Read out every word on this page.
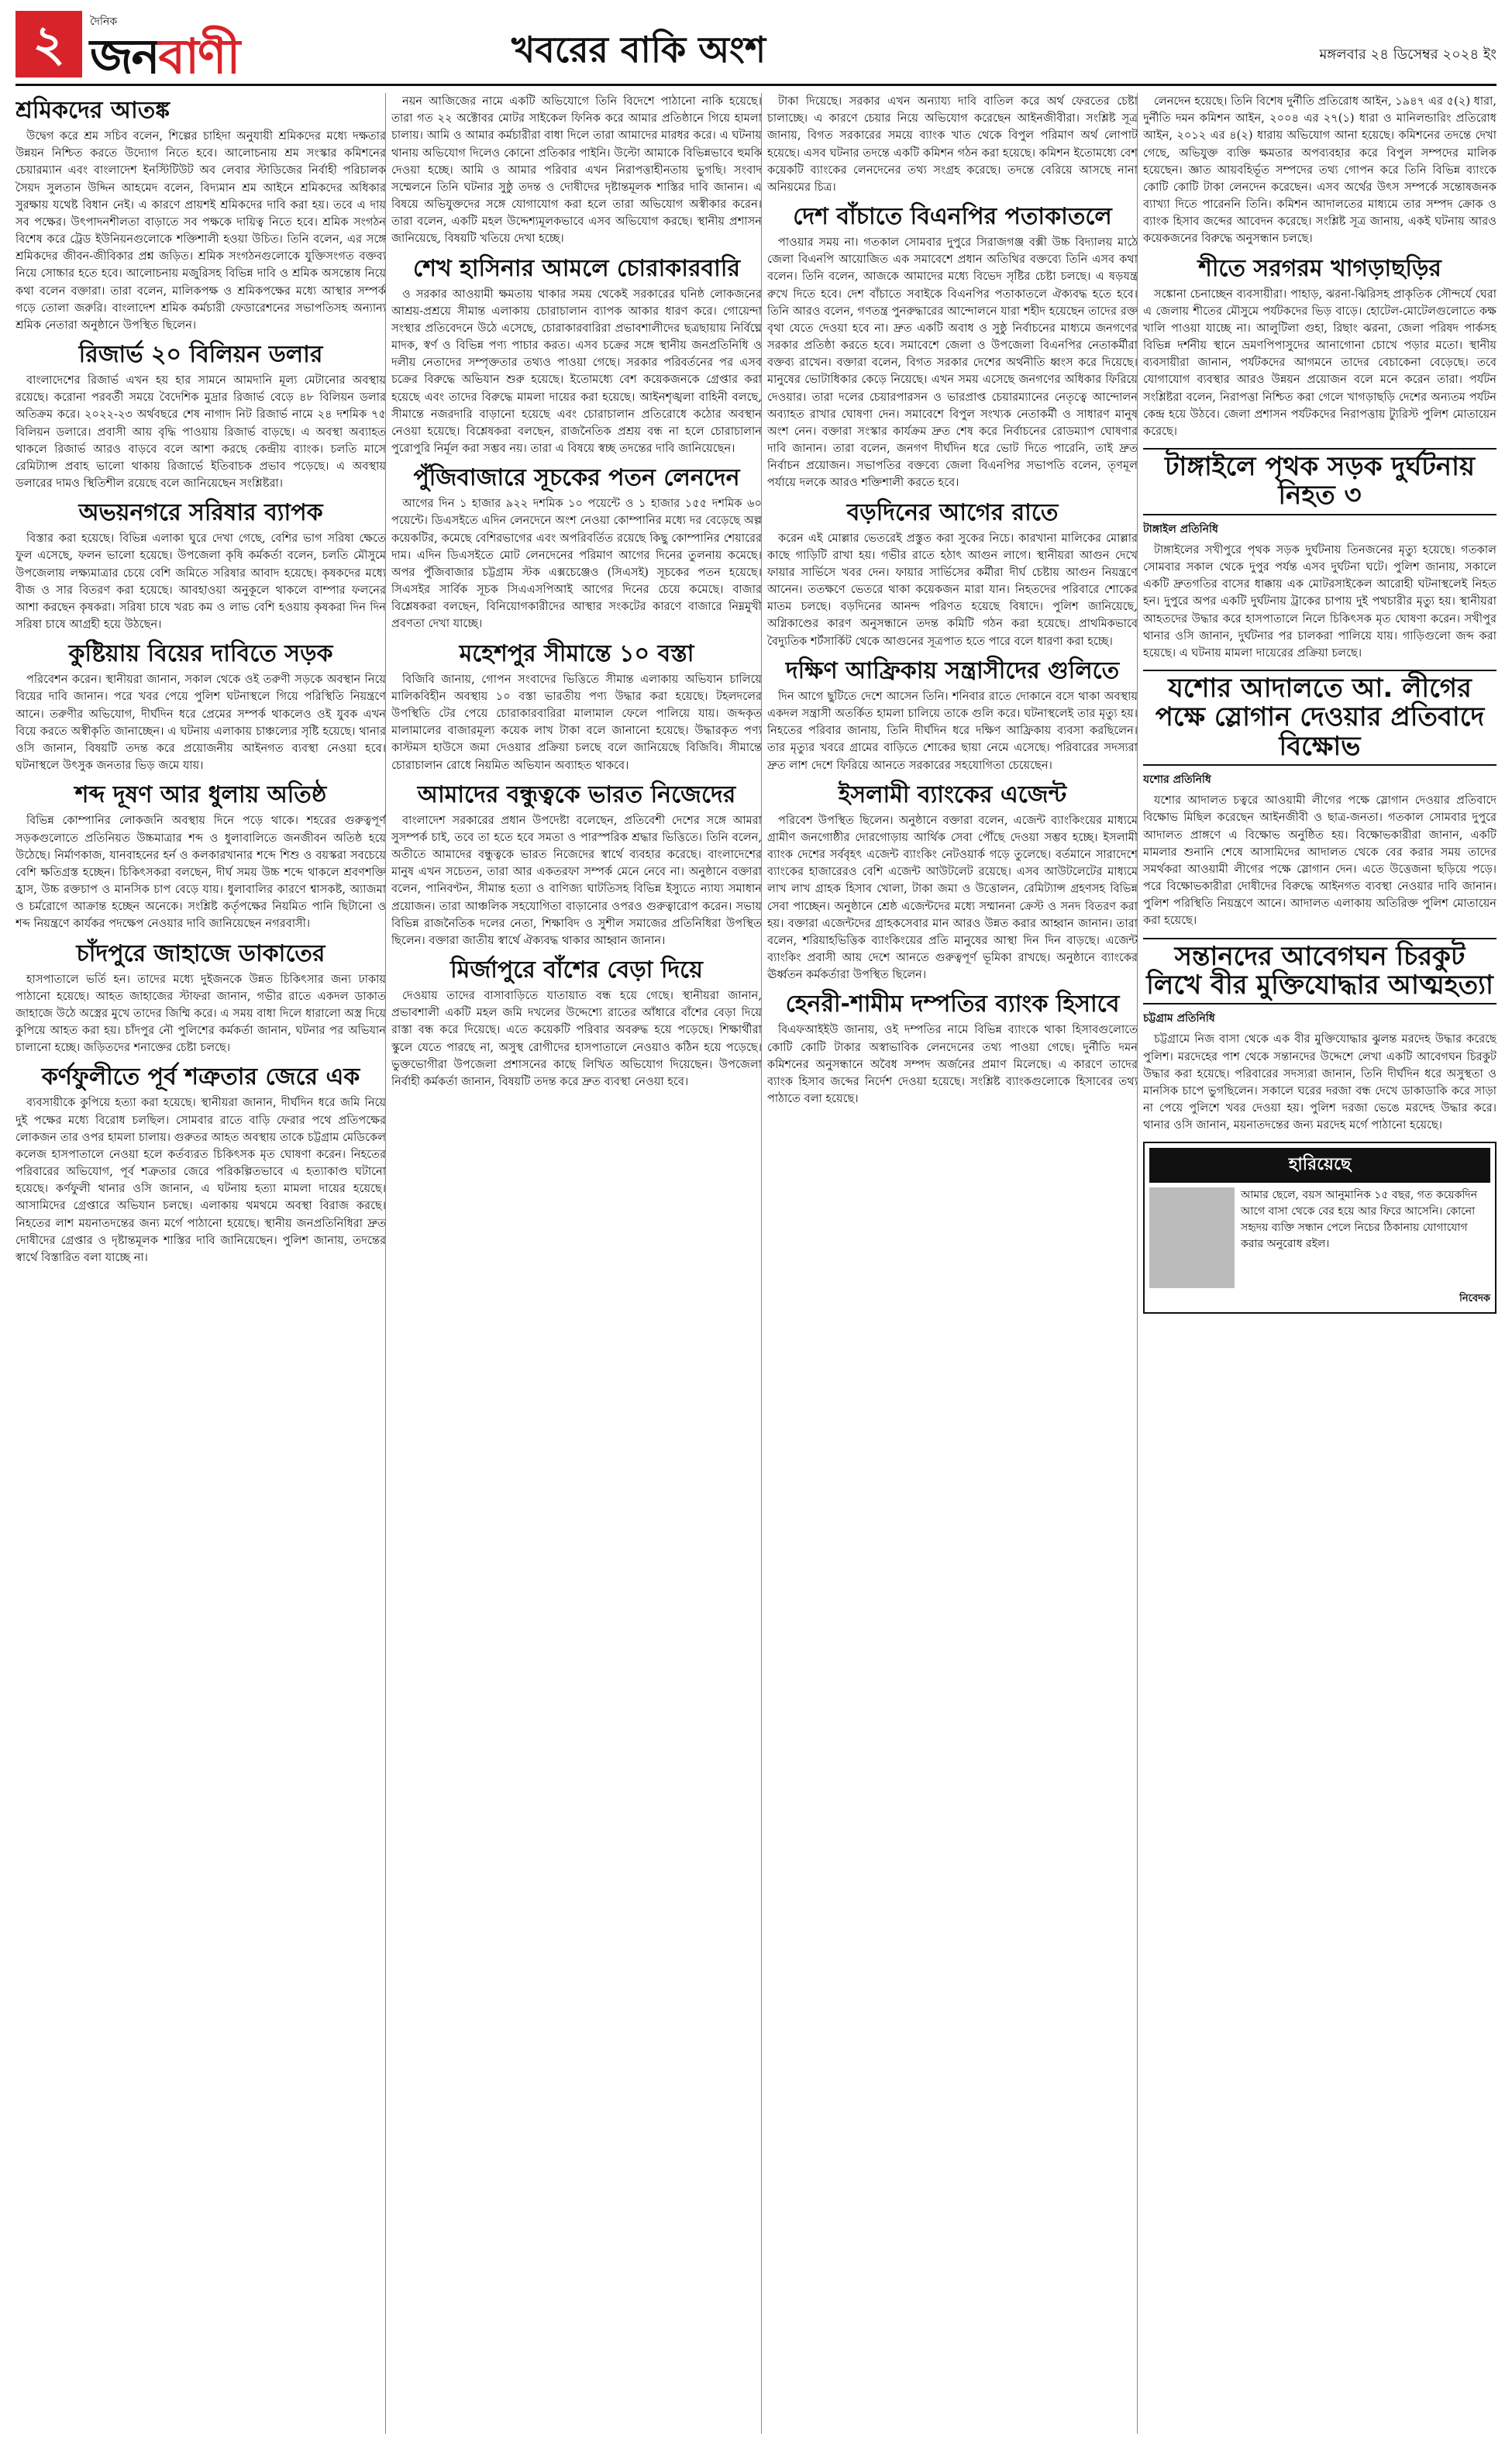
২	দৈনিক
জনবাণী	খবরের বাকি অংশ	মঙ্গলবার ২৪ ডিসেম্বর ২০২৪ ইং
শ্রমিকদের আতঙ্ক

উদ্বেগ করে শ্রম সচিব বলেন, শিল্পের চাহিদা অনুযায়ী শ্রমিকদের মধ্যে দক্ষতার উন্নয়ন নিশ্চিত করতে উদ্যোগ নিতে হবে। আলোচনায় শ্রম সংস্কার কমিশনের চেয়ারম্যান এবং বাংলাদেশ ইনস্টিটিউট অব লেবার স্টাডিজের নির্বাহী পরিচালক সৈয়দ সুলতান উদ্দিন আহমেদ বলেন, বিদ্যমান শ্রম আইনে শ্রমিকদের অধিকার সুরক্ষায় যথেষ্ট বিধান নেই। এ কারণে প্রায়শই শ্রমিকদের দাবি করা হয়। তবে এ দায় সব পক্ষের। উৎপাদনশীলতা বাড়াতে সব পক্ষকে দায়িত্ব নিতে হবে। শ্রমিক সংগঠন বিশেষ করে ট্রেড ইউনিয়নগুলোকে শক্তিশালী হওয়া উচিত। তিনি বলেন, এর সঙ্গে শ্রমিকদের জীবন-জীবিকার প্রশ্ন জড়িত। শ্রমিক সংগঠনগুলোকে যুক্তিসংগত বক্তব্য নিয়ে সোচ্চার হতে হবে। আলোচনায় মজুরিসহ বিভিন্ন দাবি ও শ্রমিক অসন্তোষ নিয়ে কথা বলেন বক্তারা। তারা বলেন, মালিকপক্ষ ও শ্রমিকপক্ষের মধ্যে আস্থার সম্পর্ক গড়ে তোলা জরুরি। বাংলাদেশ শ্রমিক কর্মচারী ফেডারেশনের সভাপতিসহ অন্যান্য শ্রমিক নেতারা অনুষ্ঠানে উপস্থিত ছিলেন।

রিজার্ভ ২০ বিলিয়ন ডলার

বাংলাদেশের রিজার্ভ এখন হয় হার সামনে আমদানি মূল্য মেটানোর অবস্থায় রয়েছে। করোনা পরবর্তী সময়ে বৈদেশিক মুদ্রার রিজার্ভ বেড়ে ৪৮ বিলিয়ন ডলার অতিক্রম করে। ২০২২-২৩ অর্থবছরে শেষ নাগাদ নিট রিজার্ভ নামে ২৪ দশমিক ৭৫ বিলিয়ন ডলারে। প্রবাসী আয় বৃদ্ধি পাওয়ায় রিজার্ভ বাড়ছে। এ অবস্থা অব্যাহত থাকলে রিজার্ভ আরও বাড়বে বলে আশা করছে কেন্দ্রীয় ব্যাংক। চলতি মাসে রেমিট্যান্স প্রবাহ ভালো থাকায় রিজার্ভে ইতিবাচক প্রভাব পড়েছে। এ অবস্থায় ডলারের দামও স্থিতিশীল রয়েছে বলে জানিয়েছেন সংশ্লিষ্টরা।

অভয়নগরে সরিষার ব্যাপক

বিস্তার করা হয়েছে। বিভিন্ন এলাকা ঘুরে দেখা গেছে, বেশির ভাগ সরিষা ক্ষেতে ফুল এসেছে, ফলন ভালো হয়েছে। উপজেলা কৃষি কর্মকর্তা বলেন, চলতি মৌসুমে উপজেলায় লক্ষ্যমাত্রার চেয়ে বেশি জমিতে সরিষার আবাদ হয়েছে। কৃষকদের মধ্যে বীজ ও সার বিতরণ করা হয়েছে। আবহাওয়া অনুকূলে থাকলে বাম্পার ফলনের আশা করছেন কৃষকরা। সরিষা চাষে খরচ কম ও লাভ বেশি হওয়ায় কৃষকরা দিন দিন সরিষা চাষে আগ্রহী হয়ে উঠছেন।

কুষ্টিয়ায় বিয়ের দাবিতে সড়ক

পরিবেশন করেন। স্থানীয়রা জানান, সকাল থেকে ওই তরুণী সড়কে অবস্থান নিয়ে বিয়ের দাবি জানান। পরে খবর পেয়ে পুলিশ ঘটনাস্থলে গিয়ে পরিস্থিতি নিয়ন্ত্রণে আনে। তরুণীর অভিযোগ, দীর্ঘদিন ধরে প্রেমের সম্পর্ক থাকলেও ওই যুবক এখন বিয়ে করতে অস্বীকৃতি জানাচ্ছেন। এ ঘটনায় এলাকায় চাঞ্চল্যের সৃষ্টি হয়েছে। থানার ওসি জানান, বিষয়টি তদন্ত করে প্রয়োজনীয় আইনগত ব্যবস্থা নেওয়া হবে। ঘটনাস্থলে উৎসুক জনতার ভিড় জমে যায়।

শব্দ দূষণ আর ধুলায় অতিষ্ঠ

বিভিন্ন কোম্পানির লোকজনি অবস্থায় দিনে পড়ে থাকে। শহরের গুরুত্বপূর্ণ সড়কগুলোতে প্রতিনিয়ত উচ্চমাত্রার শব্দ ও ধুলাবালিতে জনজীবন অতিষ্ঠ হয়ে উঠেছে। নির্মাণকাজ, যানবাহনের হর্ন ও কলকারখানার শব্দে শিশু ও বয়স্করা সবচেয়ে বেশি ক্ষতিগ্রস্ত হচ্ছেন। চিকিৎসকরা বলছেন, দীর্ঘ সময় উচ্চ শব্দে থাকলে শ্রবণশক্তি হ্রাস, উচ্চ রক্তচাপ ও মানসিক চাপ বেড়ে যায়। ধুলাবালির কারণে শ্বাসকষ্ট, অ্যাজমা ও চর্মরোগে আক্রান্ত হচ্ছেন অনেকে। সংশ্লিষ্ট কর্তৃপক্ষের নিয়মিত পানি ছিটানো ও শব্দ নিয়ন্ত্রণে কার্যকর পদক্ষেপ নেওয়ার দাবি জানিয়েছেন নগরবাসী।

চাঁদপুরে জাহাজে ডাকাতের

হাসপাতালে ভর্তি হন। তাদের মধ্যে দুইজনকে উন্নত চিকিৎসার জন্য ঢাকায় পাঠানো হয়েছে। আহত জাহাজের স্টাফরা জানান, গভীর রাতে একদল ডাকাত জাহাজে উঠে অস্ত্রের মুখে তাদের জিম্মি করে। এ সময় বাধা দিলে ধারালো অস্ত্র দিয়ে কুপিয়ে আহত করা হয়। চাঁদপুর নৌ পুলিশের কর্মকর্তা জানান, ঘটনার পর অভিযান চালানো হচ্ছে। জড়িতদের শনাক্তের চেষ্টা চলছে।

কর্ণফুলীতে পূর্ব শত্রুতার জেরে এক

ব্যবসায়ীকে কুপিয়ে হত্যা করা হয়েছে। স্থানীয়রা জানান, দীর্ঘদিন ধরে জমি নিয়ে দুই পক্ষের মধ্যে বিরোধ চলছিল। সোমবার রাতে বাড়ি ফেরার পথে প্রতিপক্ষের লোকজন তার ওপর হামলা চালায়। গুরুতর আহত অবস্থায় তাকে চট্টগ্রাম মেডিকেল কলেজ হাসপাতালে নেওয়া হলে কর্তব্যরত চিকিৎসক মৃত ঘোষণা করেন। নিহতের পরিবারের অভিযোগ, পূর্ব শত্রুতার জেরে পরিকল্পিতভাবে এ হত্যাকাণ্ড ঘটানো হয়েছে। কর্ণফুলী থানার ওসি জানান, এ ঘটনায় হত্যা মামলা দায়ের হয়েছে। আসামিদের গ্রেপ্তারে অভিযান চলছে। এলাকায় থমথমে অবস্থা বিরাজ করছে। নিহতের লাশ ময়নাতদন্তের জন্য মর্গে পাঠানো হয়েছে। স্থানীয় জনপ্রতিনিধিরা দ্রুত দোষীদের গ্রেপ্তার ও দৃষ্টান্তমূলক শাস্তির দাবি জানিয়েছেন। পুলিশ জানায়, তদন্তের স্বার্থে বিস্তারিত বলা যাচ্ছে না।

নয়ন আজিজের নামে একটি অভিযোগে তিনি বিদেশে পাঠানো নাকি হয়েছে। তারা গত ২২ অক্টোবর মোটর সাইকেল ফিনিক করে আমার প্রতিষ্ঠানে গিয়ে হামলা চালায়। আমি ও আমার কর্মচারীরা বাধা দিলে তারা আমাদের মারধর করে। এ ঘটনায় থানায় অভিযোগ দিলেও কোনো প্রতিকার পাইনি। উল্টো আমাকে বিভিন্নভাবে হুমকি দেওয়া হচ্ছে। আমি ও আমার পরিবার এখন নিরাপত্তাহীনতায় ভুগছি। সংবাদ সম্মেলনে তিনি ঘটনার সুষ্ঠু তদন্ত ও দোষীদের দৃষ্টান্তমূলক শাস্তির দাবি জানান। এ বিষয়ে অভিযুক্তদের সঙ্গে যোগাযোগ করা হলে তারা অভিযোগ অস্বীকার করেন। তারা বলেন, একটি মহল উদ্দেশ্যমূলকভাবে এসব অভিযোগ করছে। স্থানীয় প্রশাসন জানিয়েছে, বিষয়টি খতিয়ে দেখা হচ্ছে।

শেখ হাসিনার আমলে চোরাকারবারি

ও সরকার আওয়ামী ক্ষমতায় থাকার সময় থেকেই সরকারের ঘনিষ্ঠ লোকজনের আশ্রয়-প্রশ্রয়ে সীমান্ত এলাকায় চোরাচালান ব্যাপক আকার ধারণ করে। গোয়েন্দা সংস্থার প্রতিবেদনে উঠে এসেছে, চোরাকারবারিরা প্রভাবশালীদের ছত্রছায়ায় নির্বিঘ্নে মাদক, স্বর্ণ ও বিভিন্ন পণ্য পাচার করত। এসব চক্রের সঙ্গে স্থানীয় জনপ্রতিনিধি ও দলীয় নেতাদের সম্পৃক্ততার তথ্যও পাওয়া গেছে। সরকার পরিবর্তনের পর এসব চক্রের বিরুদ্ধে অভিযান শুরু হয়েছে। ইতোমধ্যে বেশ কয়েকজনকে গ্রেপ্তার করা হয়েছে এবং তাদের বিরুদ্ধে মামলা দায়ের করা হয়েছে। আইনশৃঙ্খলা বাহিনী বলছে, সীমান্তে নজরদারি বাড়ানো হয়েছে এবং চোরাচালান প্রতিরোধে কঠোর অবস্থান নেওয়া হয়েছে। বিশ্লেষকরা বলছেন, রাজনৈতিক প্রশ্রয় বন্ধ না হলে চোরাচালান পুরোপুরি নির্মূল করা সম্ভব নয়। তারা এ বিষয়ে স্বচ্ছ তদন্তের দাবি জানিয়েছেন।

পুঁজিবাজারে সূচকের পতন লেনদেন

আগের দিন ১ হাজার ৯২২ দশমিক ১০ পয়েন্টে ও ১ হাজার ১৫৫ দশমিক ৬০ পয়েন্টে। ডিএসইতে এদিন লেনদেনে অংশ নেওয়া কোম্পানির মধ্যে দর বেড়েছে অল্প কয়েকটির, কমেছে বেশিরভাগের এবং অপরিবর্তিত রয়েছে কিছু কোম্পানির শেয়ারের দাম। এদিন ডিএসইতে মোট লেনদেনের পরিমাণ আগের দিনের তুলনায় কমেছে। অপর পুঁজিবাজার চট্টগ্রাম স্টক এক্সচেঞ্জেও (সিএসই) সূচকের পতন হয়েছে। সিএসইর সার্বিক সূচক সিএএসপিআই আগের দিনের চেয়ে কমেছে। বাজার বিশ্লেষকরা বলছেন, বিনিয়োগকারীদের আস্থার সংকটের কারণে বাজারে নিম্নমুখী প্রবণতা দেখা যাচ্ছে।

মহেশপুর সীমান্তে ১০ বস্তা

বিজিবি জানায়, গোপন সংবাদের ভিত্তিতে সীমান্ত এলাকায় অভিযান চালিয়ে মালিকবিহীন অবস্থায় ১০ বস্তা ভারতীয় পণ্য উদ্ধার করা হয়েছে। টহলদলের উপস্থিতি টের পেয়ে চোরাকারবারিরা মালামাল ফেলে পালিয়ে যায়। জব্দকৃত মালামালের বাজারমূল্য কয়েক লাখ টাকা বলে জানানো হয়েছে। উদ্ধারকৃত পণ্য কাস্টমস হাউসে জমা দেওয়ার প্রক্রিয়া চলছে বলে জানিয়েছে বিজিবি। সীমান্তে চোরাচালান রোধে নিয়মিত অভিযান অব্যাহত থাকবে।

আমাদের বন্ধুত্বকে ভারত নিজেদের

বাংলাদেশ সরকারের প্রধান উপদেষ্টা বলেছেন, প্রতিবেশী দেশের সঙ্গে আমরা সুসম্পর্ক চাই, তবে তা হতে হবে সমতা ও পারস্পরিক শ্রদ্ধার ভিত্তিতে। তিনি বলেন, অতীতে আমাদের বন্ধুত্বকে ভারত নিজেদের স্বার্থে ব্যবহার করেছে। বাংলাদেশের মানুষ এখন সচেতন, তারা আর একতরফা সম্পর্ক মেনে নেবে না। অনুষ্ঠানে বক্তারা বলেন, পানিবণ্টন, সীমান্ত হত্যা ও বাণিজ্য ঘাটতিসহ বিভিন্ন ইস্যুতে ন্যায্য সমাধান প্রয়োজন। তারা আঞ্চলিক সহযোগিতা বাড়ানোর ওপরও গুরুত্বারোপ করেন। সভায় বিভিন্ন রাজনৈতিক দলের নেতা, শিক্ষাবিদ ও সুশীল সমাজের প্রতিনিধিরা উপস্থিত ছিলেন। বক্তারা জাতীয় স্বার্থে ঐক্যবদ্ধ থাকার আহ্বান জানান।

মির্জাপুরে বাঁশের বেড়া দিয়ে

দেওয়ায় তাদের বাসাবাড়িতে যাতায়াত বন্ধ হয়ে গেছে। স্থানীয়রা জানান, প্রভাবশালী একটি মহল জমি দখলের উদ্দেশ্যে রাতের আঁধারে বাঁশের বেড়া দিয়ে রাস্তা বন্ধ করে দিয়েছে। এতে কয়েকটি পরিবার অবরুদ্ধ হয়ে পড়েছে। শিক্ষার্থীরা স্কুলে যেতে পারছে না, অসুস্থ রোগীদের হাসপাতালে নেওয়াও কঠিন হয়ে পড়েছে। ভুক্তভোগীরা উপজেলা প্রশাসনের কাছে লিখিত অভিযোগ দিয়েছেন। উপজেলা নির্বাহী কর্মকর্তা জানান, বিষয়টি তদন্ত করে দ্রুত ব্যবস্থা নেওয়া হবে।

টাকা দিয়েছে। সরকার এখন অন্যায্য দাবি বাতিল করে অর্থ ফেরতের চেষ্টা চালাচ্ছে। এ কারণে চেয়ার নিয়ে অভিযোগ করেছেন আইনজীবীরা। সংশ্লিষ্ট সূত্র জানায়, বিগত সরকারের সময়ে ব্যাংক খাত থেকে বিপুল পরিমাণ অর্থ লোপাট হয়েছে। এসব ঘটনার তদন্তে একটি কমিশন গঠন করা হয়েছে। কমিশন ইতোমধ্যে বেশ কয়েকটি ব্যাংকের লেনদেনের তথ্য সংগ্রহ করেছে। তদন্তে বেরিয়ে আসছে নানা অনিয়মের চিত্র।

দেশ বাঁচাতে বিএনপির পতাকাতলে

পাওয়ার সময় না। গতকাল সোমবার দুপুরে সিরাজগঞ্জ বক্সী উচ্চ বিদ্যালয় মাঠে জেলা বিএনপি আয়োজিত এক সমাবেশে প্রধান অতিথির বক্তব্যে তিনি এসব কথা বলেন। তিনি বলেন, আজকে আমাদের মধ্যে বিভেদ সৃষ্টির চেষ্টা চলছে। এ ষড়যন্ত্র রুখে দিতে হবে। দেশ বাঁচাতে সবাইকে বিএনপির পতাকাতলে ঐক্যবদ্ধ হতে হবে। তিনি আরও বলেন, গণতন্ত্র পুনরুদ্ধারের আন্দোলনে যারা শহীদ হয়েছেন তাদের রক্ত বৃথা যেতে দেওয়া হবে না। দ্রুত একটি অবাধ ও সুষ্ঠু নির্বাচনের মাধ্যমে জনগণের সরকার প্রতিষ্ঠা করতে হবে। সমাবেশে জেলা ও উপজেলা বিএনপির নেতাকর্মীরা বক্তব্য রাখেন। বক্তারা বলেন, বিগত সরকার দেশের অর্থনীতি ধ্বংস করে দিয়েছে। মানুষের ভোটাধিকার কেড়ে নিয়েছে। এখন সময় এসেছে জনগণের অধিকার ফিরিয়ে দেওয়ার। তারা দলের চেয়ারপারসন ও ভারপ্রাপ্ত চেয়ারম্যানের নেতৃত্বে আন্দোলন অব্যাহত রাখার ঘোষণা দেন। সমাবেশে বিপুল সংখ্যক নেতাকর্মী ও সাধারণ মানুষ অংশ নেন। বক্তারা সংস্কার কার্যক্রম দ্রুত শেষ করে নির্বাচনের রোডম্যাপ ঘোষণার দাবি জানান। তারা বলেন, জনগণ দীর্ঘদিন ধরে ভোট দিতে পারেনি, তাই দ্রুত নির্বাচন প্রয়োজন। সভাপতির বক্তব্যে জেলা বিএনপির সভাপতি বলেন, তৃণমূল পর্যায়ে দলকে আরও শক্তিশালী করতে হবে।

বড়দিনের আগের রাতে

করেন এই মোল্লার ভেতরেই প্রস্তুত করা সুকের নিচে। কারখানা মালিকের মোল্লার কাছে গাড়িটি রাখা হয়। গভীর রাতে হঠাৎ আগুন লাগে। স্থানীয়রা আগুন দেখে ফায়ার সার্ভিসে খবর দেন। ফায়ার সার্ভিসের কর্মীরা দীর্ঘ চেষ্টায় আগুন নিয়ন্ত্রণে আনেন। ততক্ষণে ভেতরে থাকা কয়েকজন মারা যান। নিহতদের পরিবারে শোকের মাতম চলছে। বড়দিনের আনন্দ পরিণত হয়েছে বিষাদে। পুলিশ জানিয়েছে, অগ্নিকাণ্ডের কারণ অনুসন্ধানে তদন্ত কমিটি গঠন করা হয়েছে। প্রাথমিকভাবে বৈদ্যুতিক শর্টসার্কিট থেকে আগুনের সূত্রপাত হতে পারে বলে ধারণা করা হচ্ছে।

দক্ষিণ আফ্রিকায় সন্ত্রাসীদের গুলিতে

দিন আগে ছুটিতে দেশে আসেন তিনি। শনিবার রাতে দোকানে বসে থাকা অবস্থায় একদল সন্ত্রাসী অতর্কিত হামলা চালিয়ে তাকে গুলি করে। ঘটনাস্থলেই তার মৃত্যু হয়। নিহতের পরিবার জানায়, তিনি দীর্ঘদিন ধরে দক্ষিণ আফ্রিকায় ব্যবসা করছিলেন। তার মৃত্যুর খবরে গ্রামের বাড়িতে শোকের ছায়া নেমে এসেছে। পরিবারের সদস্যরা দ্রুত লাশ দেশে ফিরিয়ে আনতে সরকারের সহযোগিতা চেয়েছেন।

ইসলামী ব্যাংকের এজেন্ট

পরিবেশ উপস্থিত ছিলেন। অনুষ্ঠানে বক্তারা বলেন, এজেন্ট ব্যাংকিংয়ের মাধ্যমে গ্রামীণ জনগোষ্ঠীর দোরগোড়ায় আর্থিক সেবা পৌঁছে দেওয়া সম্ভব হচ্ছে। ইসলামী ব্যাংক দেশের সর্ববৃহৎ এজেন্ট ব্যাংকিং নেটওয়ার্ক গড়ে তুলেছে। বর্তমানে সারাদেশে ব্যাংকের হাজারেরও বেশি এজেন্ট আউটলেট রয়েছে। এসব আউটলেটের মাধ্যমে লাখ লাখ গ্রাহক হিসাব খোলা, টাকা জমা ও উত্তোলন, রেমিট্যান্স গ্রহণসহ বিভিন্ন সেবা পাচ্ছেন। অনুষ্ঠানে শ্রেষ্ঠ এজেন্টদের মধ্যে সম্মাননা ক্রেস্ট ও সনদ বিতরণ করা হয়। বক্তারা এজেন্টদের গ্রাহকসেবার মান আরও উন্নত করার আহ্বান জানান। তারা বলেন, শরিয়াহভিত্তিক ব্যাংকিংয়ের প্রতি মানুষের আস্থা দিন দিন বাড়ছে। এজেন্ট ব্যাংকিং প্রবাসী আয় দেশে আনতে গুরুত্বপূর্ণ ভূমিকা রাখছে। অনুষ্ঠানে ব্যাংকের ঊর্ধ্বতন কর্মকর্তারা উপস্থিত ছিলেন।

হেনরী-শামীম দম্পতির ব্যাংক হিসাবে

বিএফআইইউ জানায়, ওই দম্পতির নামে বিভিন্ন ব্যাংকে থাকা হিসাবগুলোতে কোটি কোটি টাকার অস্বাভাবিক লেনদেনের তথ্য পাওয়া গেছে। দুর্নীতি দমন কমিশনের অনুসন্ধানে অবৈধ সম্পদ অর্জনের প্রমাণ মিলেছে। এ কারণে তাদের ব্যাংক হিসাব জব্দের নির্দেশ দেওয়া হয়েছে। সংশ্লিষ্ট ব্যাংকগুলোকে হিসাবের তথ্য পাঠাতে বলা হয়েছে।

লেনদেন হয়েছে। তিনি বিশেষ দুর্নীতি প্রতিরোধ আইন, ১৯৪৭ এর ৫(২) ধারা, দুর্নীতি দমন কমিশন আইন, ২০০৪ এর ২৭(১) ধারা ও মানিলন্ডারিং প্রতিরোধ আইন, ২০১২ এর ৪(২) ধারায় অভিযোগ আনা হয়েছে। কমিশনের তদন্তে দেখা গেছে, অভিযুক্ত ব্যক্তি ক্ষমতার অপব্যবহার করে বিপুল সম্পদের মালিক হয়েছেন। জ্ঞাত আয়বহির্ভূত সম্পদের তথ্য গোপন করে তিনি বিভিন্ন ব্যাংকে কোটি কোটি টাকা লেনদেন করেছেন। এসব অর্থের উৎস সম্পর্কে সন্তোষজনক ব্যাখ্যা দিতে পারেননি তিনি। কমিশন আদালতের মাধ্যমে তার সম্পদ ক্রোক ও ব্যাংক হিসাব জব্দের আবেদন করেছে। সংশ্লিষ্ট সূত্র জানায়, একই ঘটনায় আরও কয়েকজনের বিরুদ্ধে অনুসন্ধান চলছে।

শীতে সরগরম খাগড়াছড়ির

সঙ্কোনা চেনাচ্ছেন ব্যবসায়ীরা। পাহাড়, ঝরনা-ঝিরিসহ প্রাকৃতিক সৌন্দর্যে ঘেরা এ জেলায় শীতের মৌসুমে পর্যটকদের ভিড় বাড়ে। হোটেল-মোটেলগুলোতে কক্ষ খালি পাওয়া যাচ্ছে না। আলুটিলা গুহা, রিছাং ঝরনা, জেলা পরিষদ পার্কসহ বিভিন্ন দর্শনীয় স্থানে ভ্রমণপিপাসুদের আনাগোনা চোখে পড়ার মতো। স্থানীয় ব্যবসায়ীরা জানান, পর্যটকদের আগমনে তাদের বেচাকেনা বেড়েছে। তবে যোগাযোগ ব্যবস্থার আরও উন্নয়ন প্রয়োজন বলে মনে করেন তারা। পর্যটন সংশ্লিষ্টরা বলেন, নিরাপত্তা নিশ্চিত করা গেলে খাগড়াছড়ি দেশের অন্যতম পর্যটন কেন্দ্র হয়ে উঠবে। জেলা প্রশাসন পর্যটকদের নিরাপত্তায় ট্যুরিস্ট পুলিশ মোতায়েন করেছে।

টাঙ্গাইলে পৃথক সড়ক দুর্ঘটনায় নিহত ৩
টাঙ্গাইল প্রতিনিধি

টাঙ্গাইলের সখীপুরে পৃথক সড়ক দুর্ঘটনায় তিনজনের মৃত্যু হয়েছে। গতকাল সোমবার সকাল থেকে দুপুর পর্যন্ত এসব দুর্ঘটনা ঘটে। পুলিশ জানায়, সকালে একটি দ্রুতগতির বাসের ধাক্কায় এক মোটরসাইকেল আরোহী ঘটনাস্থলেই নিহত হন। দুপুরে অপর একটি দুর্ঘটনায় ট্রাকের চাপায় দুই পথচারীর মৃত্যু হয়। স্থানীয়রা আহতদের উদ্ধার করে হাসপাতালে নিলে চিকিৎসক মৃত ঘোষণা করেন। সখীপুর থানার ওসি জানান, দুর্ঘটনার পর চালকরা পালিয়ে যায়। গাড়িগুলো জব্দ করা হয়েছে। এ ঘটনায় মামলা দায়েরের প্রক্রিয়া চলছে।

যশোর আদালতে আ. লীগের পক্ষে স্লোগান দেওয়ার প্রতিবাদে বিক্ষোভ
যশোর প্রতিনিধি

যশোর আদালত চত্বরে আওয়ামী লীগের পক্ষে স্লোগান দেওয়ার প্রতিবাদে বিক্ষোভ মিছিল করেছেন আইনজীবী ও ছাত্র-জনতা। গতকাল সোমবার দুপুরে আদালত প্রাঙ্গণে এ বিক্ষোভ অনুষ্ঠিত হয়। বিক্ষোভকারীরা জানান, একটি মামলার শুনানি শেষে আসামিদের আদালত থেকে বের করার সময় তাদের সমর্থকরা আওয়ামী লীগের পক্ষে স্লোগান দেন। এতে উত্তেজনা ছড়িয়ে পড়ে। পরে বিক্ষোভকারীরা দোষীদের বিরুদ্ধে আইনগত ব্যবস্থা নেওয়ার দাবি জানান। পুলিশ পরিস্থিতি নিয়ন্ত্রণে আনে। আদালত এলাকায় অতিরিক্ত পুলিশ মোতায়েন করা হয়েছে।

সন্তানদের আবেগঘন চিরকুট লিখে বীর মুক্তিযোদ্ধার আত্মহত্যা
চট্টগ্রাম প্রতিনিধি

চট্টগ্রামে নিজ বাসা থেকে এক বীর মুক্তিযোদ্ধার ঝুলন্ত মরদেহ উদ্ধার করেছে পুলিশ। মরদেহের পাশ থেকে সন্তানদের উদ্দেশে লেখা একটি আবেগঘন চিরকুট উদ্ধার করা হয়েছে। পরিবারের সদস্যরা জানান, তিনি দীর্ঘদিন ধরে অসুস্থতা ও মানসিক চাপে ভুগছিলেন। সকালে ঘরের দরজা বন্ধ দেখে ডাকাডাকি করে সাড়া না পেয়ে পুলিশে খবর দেওয়া হয়। পুলিশ দরজা ভেঙে মরদেহ উদ্ধার করে। থানার ওসি জানান, ময়নাতদন্তের জন্য মরদেহ মর্গে পাঠানো হয়েছে।

হারিয়েছে
আমার ছেলে, বয়স আনুমানিক ১৫ বছর, গত কয়েকদিন আগে বাসা থেকে বের হয়ে আর ফিরে আসেনি। কোনো সহৃদয় ব্যক্তি সন্ধান পেলে নিচের ঠিকানায় যোগাযোগ করার অনুরোধ রইল।
নিবেদক
